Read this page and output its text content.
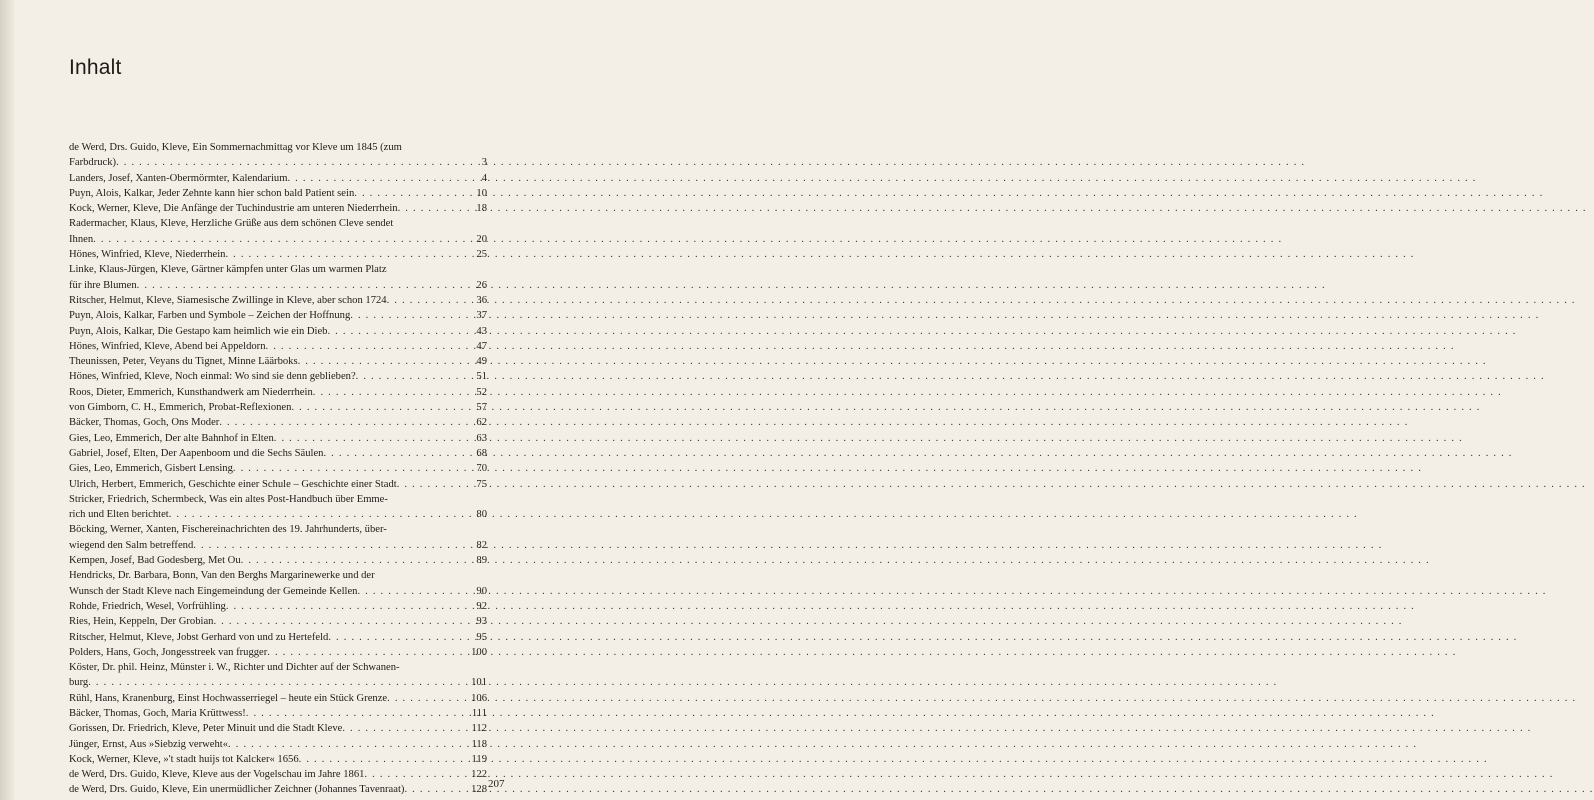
Inhalt
de Werd, Drs. Guido, Kleve, Ein Sommernachmittag vor Kleve um 1845 (zum
Farbdruck) . . .	3
Landers, Josef, Xanten-Obermörmter, Kalendarium . . .	4
Puyn, Alois, Kalkar, Jeder Zehnte kann hier schon bald Patient sein . . .	10
Kock, Werner, Kleve, Die Anfänge der Tuchindustrie am unteren Niederrhein . . .	18
Radermacher, Klaus, Kleve, Herzliche Grüße aus dem schönen Cleve sendet
Ihnen . . .	20
Hönes, Winfried, Kleve, Niederrhein . . .	25
Linke, Klaus-Jürgen, Kleve, Gärtner kämpfen unter Glas um warmen Platz
für ihre Blumen . . .	26
Ritscher, Helmut, Kleve, Siamesische Zwillinge in Kleve, aber schon 1724 . . .	36
Puyn, Alois, Kalkar, Farben und Symbole – Zeichen der Hoffnung . . .	37
Puyn, Alois, Kalkar, Die Gestapo kam heimlich wie ein Dieb . . .	43
Hönes, Winfried, Kleve, Abend bei Appeldorn . . .	47
Theunissen, Peter, Veyans du Tignet, Minne Läärboks . . .	49
Hönes, Winfried, Kleve, Noch einmal: Wo sind sie denn geblieben? . . .	51
Roos, Dieter, Emmerich, Kunsthandwerk am Niederrhein . . .	52
von Gimborn, C. H., Emmerich, Probat-Reflexionen . . .	57
Bäcker, Thomas, Goch, Ons Moder . . .	62
Gies, Leo, Emmerich, Der alte Bahnhof in Elten . . .	63
Gabriel, Josef, Elten, Der Aapenboom und die Sechs Säulen . . .	68
Gies, Leo, Emmerich, Gisbert Lensing . . .	70
Ulrich, Herbert, Emmerich, Geschichte einer Schule – Geschichte einer Stadt . . .	75
Stricker, Friedrich, Schermbeck, Was ein altes Post-Handbuch über Emme-
rich und Elten berichtet . . .	80
Böcking, Werner, Xanten, Fischereinachrichten des 19. Jahrhunderts, über-
wiegend den Salm betreffend . . .	82
Kempen, Josef, Bad Godesberg, Met Ou . . .	89
Hendricks, Dr. Barbara, Bonn, Van den Berghs Margarinewerke und der
Wunsch der Stadt Kleve nach Eingemeindung der Gemeinde Kellen . . .	90
Rohde, Friedrich, Wesel, Vorfrühling . . .	92
Ries, Hein, Keppeln, Der Grobian . . .	93
Ritscher, Helmut, Kleve, Jobst Gerhard von und zu Hertefeld . . .	95
Polders, Hans, Goch, Jongesstreek van frugger . . .	100
Köster, Dr. phil. Heinz, Münster i. W., Richter und Dichter auf der Schwanen-
burg . . .	101
Rühl, Hans, Kranenburg, Einst Hochwasserriegel – heute ein Stück Grenze . . .	106
Bäcker, Thomas, Goch, Maria Krüttwess! . . .	111
Gorissen, Dr. Friedrich, Kleve, Peter Minuit und die Stadt Kleve . . .	112
Jünger, Ernst, Aus »Siebzig verweht« . . .	118
Kock, Werner, Kleve, »'t stadt huijs tot Kalcker« 1656 . . .	119
de Werd, Drs. Guido, Kleve, Kleve aus der Vogelschau im Jahre 1861 . . .	122
de Werd, Drs. Guido, Kleve, Ein unermüdlicher Zeichner (Johannes Tavenraat) . . .	128 207
